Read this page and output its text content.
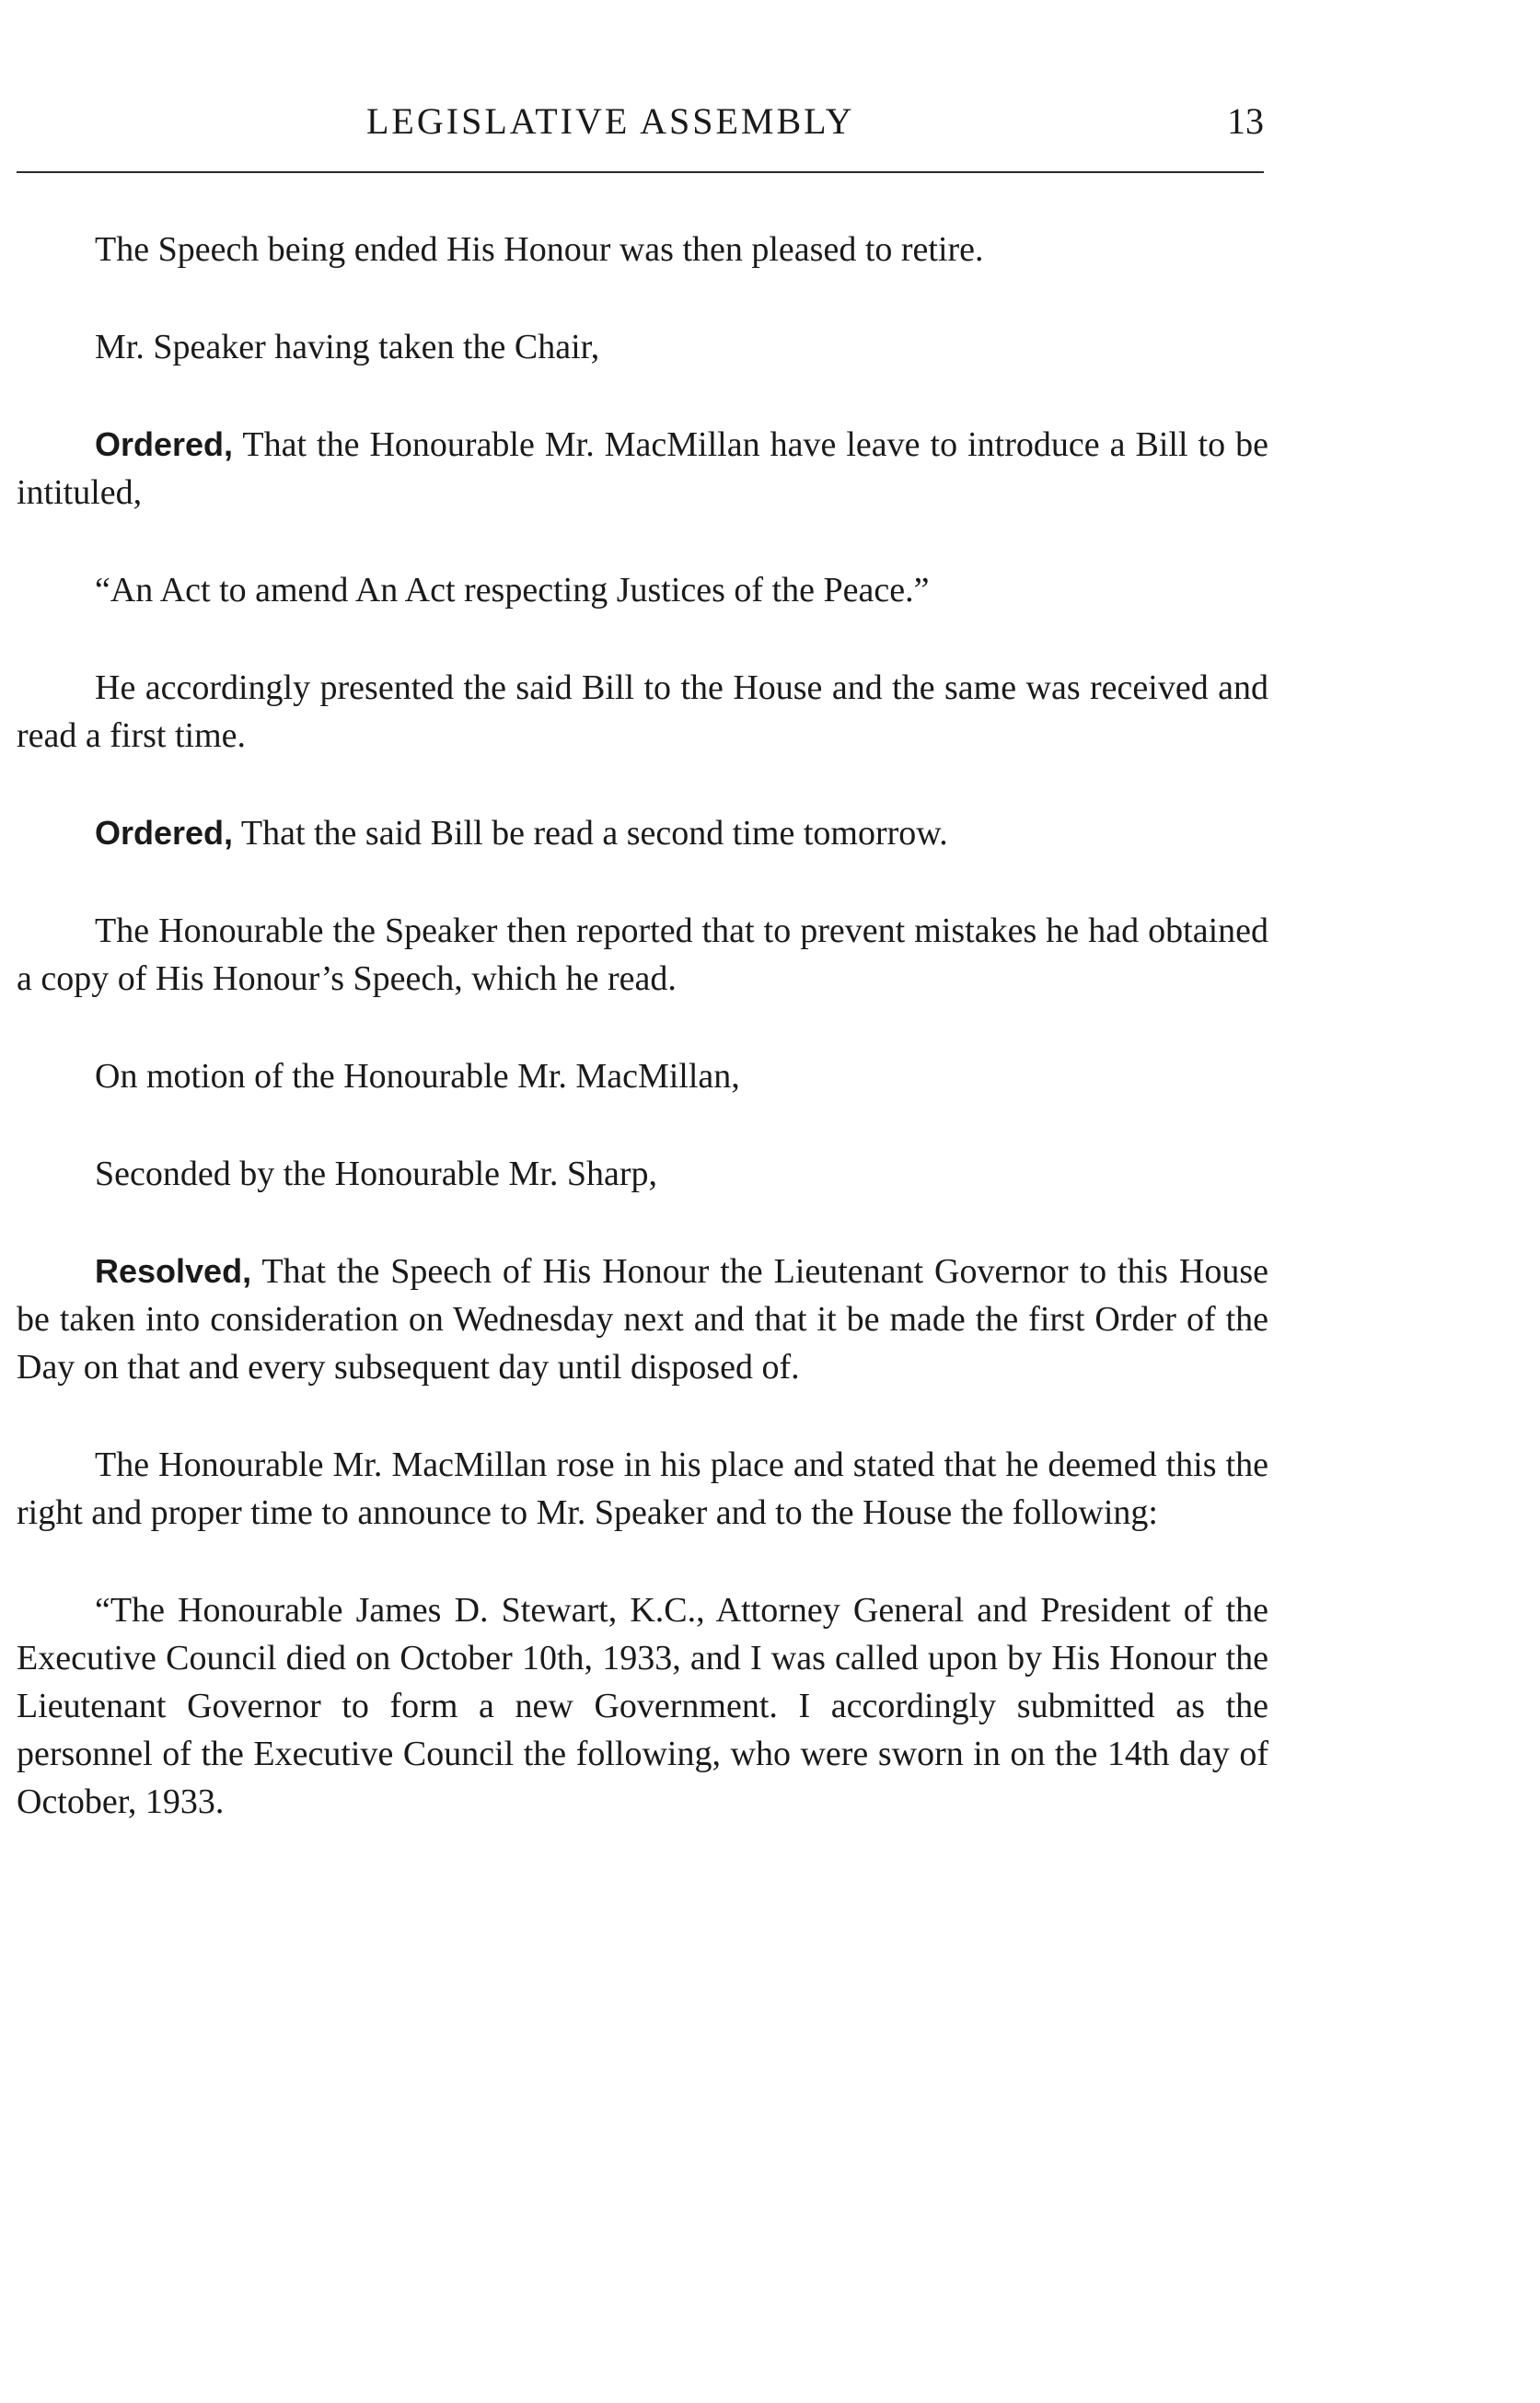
LEGISLATIVE ASSEMBLY	13

The Speech being ended His Honour was then pleased to retire.

Mr. Speaker having taken the Chair,

Ordered, That the Honourable Mr. MacMillan have leave to introduce a Bill to be intituled,

“An Act to amend An Act respecting Justices of the Peace.”

He accordingly presented the said Bill to the House and the same was received and read a first time.

Ordered, That the said Bill be read a second time tomorrow.

The Honourable the Speaker then reported that to prevent mistakes he had obtained a copy of His Honour’s Speech, which he read.

On motion of the Honourable Mr. MacMillan,

Seconded by the Honourable Mr. Sharp,

Resolved, That the Speech of His Honour the Lieutenant Governor to this House be taken into consideration on Wednesday next and that it be made the first Order of the Day on that and every subsequent day until disposed of.

The Honourable Mr. MacMillan rose in his place and stated that he deemed this the right and proper time to announce to Mr. Speaker and to the House the following:

“The Honourable James D. Stewart, K.C., Attorney General and President of the Executive Council died on October 10th, 1933, and I was called upon by His Honour the Lieutenant Governor to form a new Government. I accordingly submitted as the personnel of the Executive Council the following, who were sworn in on the 14th day of October, 1933.
